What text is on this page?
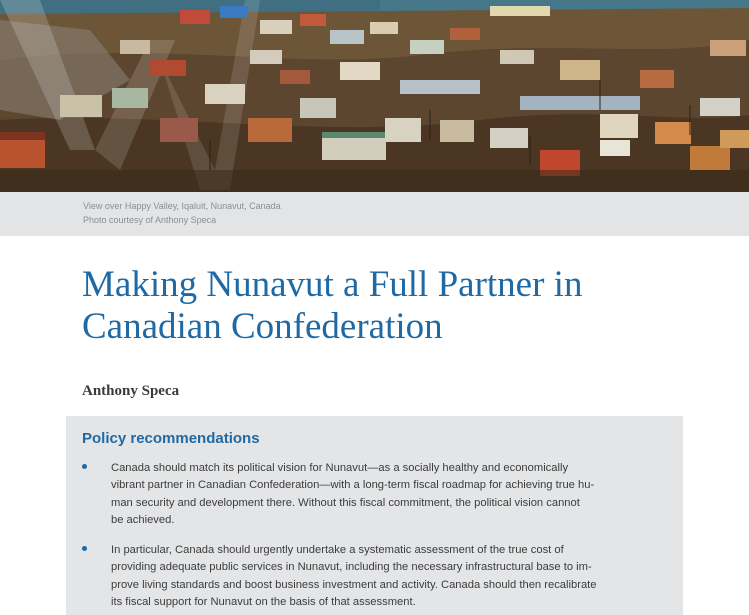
View over Happy Valley, Iqaluit, Nunavut, Canada
Photo courtesy of Anthony Speca
Making Nunavut a Full Partner in
Canadian Confederation
Anthony Speca
Policy recommendations
Canada should match its political vision for Nunavut—as a socially healthy and economically
vibrant partner in Canadian Confederation—with a long-term fiscal roadmap for achieving true hu-
man security and development there. Without this fiscal commitment, the political vision cannot
be achieved.
In particular, Canada should urgently undertake a systematic assessment of the true cost of
providing adequate public services in Nunavut, including the necessary infrastructural base to im-
prove living standards and boost business investment and activity. Canada should then recalibrate
its fiscal support for Nunavut on the basis of that assessment.
